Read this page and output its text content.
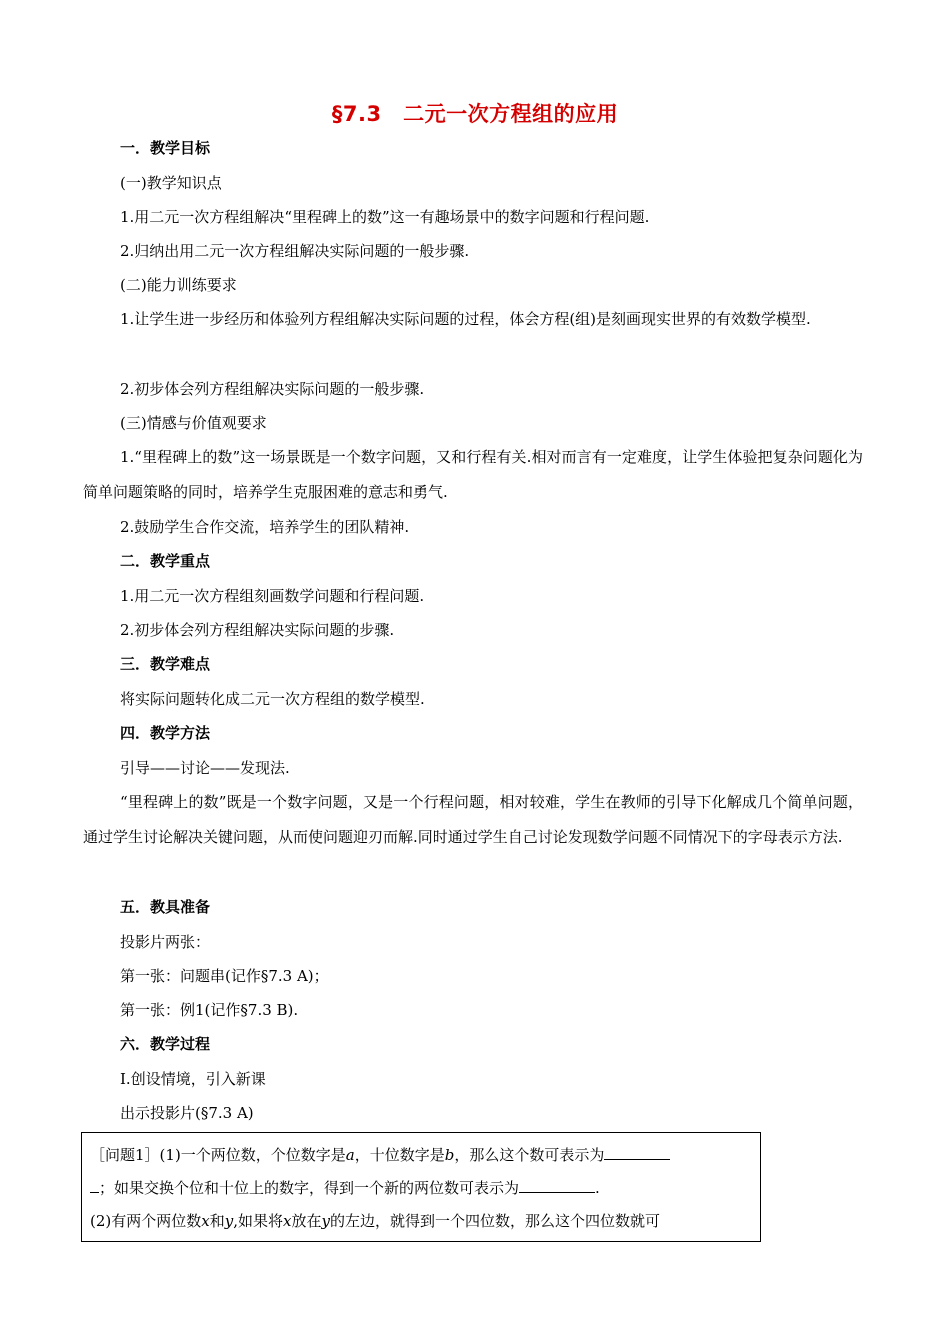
§7.3　二元一次方程组的应用
一．教学目标
(一)教学知识点
1.用二元一次方程组解决“里程碑上的数”这一有趣场景中的数字问题和行程问题.
2.归纳出用二元一次方程组解决实际问题的一般步骤.
(二)能力训练要求
1.让学生进一步经历和体验列方程组解决实际问题的过程，体会方程(组)是刻画现实世界的有效数学模型.
2.初步体会列方程组解决实际问题的一般步骤.
(三)情感与价值观要求
1.“里程碑上的数”这一场景既是一个数字问题，又和行程有关.相对而言有一定难度，让学生体验把复杂问题化为简单问题策略的同时，培养学生克服困难的意志和勇气.
2.鼓励学生合作交流，培养学生的团队精神.
二．教学重点
1.用二元一次方程组刻画数学问题和行程问题.
2.初步体会列方程组解决实际问题的步骤.
三．教学难点
将实际问题转化成二元一次方程组的数学模型.
四．教学方法
引导——讨论——发现法.
“里程碑上的数”既是一个数字问题，又是一个行程问题，相对较难，学生在教师的引导下化解成几个简单问题，通过学生讨论解决关键问题，从而使问题迎刃而解.同时通过学生自己讨论发现数学问题不同情况下的字母表示方法.
五．教具准备
投影片两张：
第一张：问题串(记作§7.3 A)；
第一张：例1(记作§7.3 B).
六．教学过程
Ⅰ.创设情境，引入新课
出示投影片(§7.3 A)

［问题1］(1)一个两位数，个位数字是a，十位数字是b，那么这个数可表示为

；如果交换个位和十位上的数字，得到一个新的两位数可表示为	.

(2)有两个两位数x和y,如果将x放在y的左边，就得到一个四位数，那么这个四位数就可
